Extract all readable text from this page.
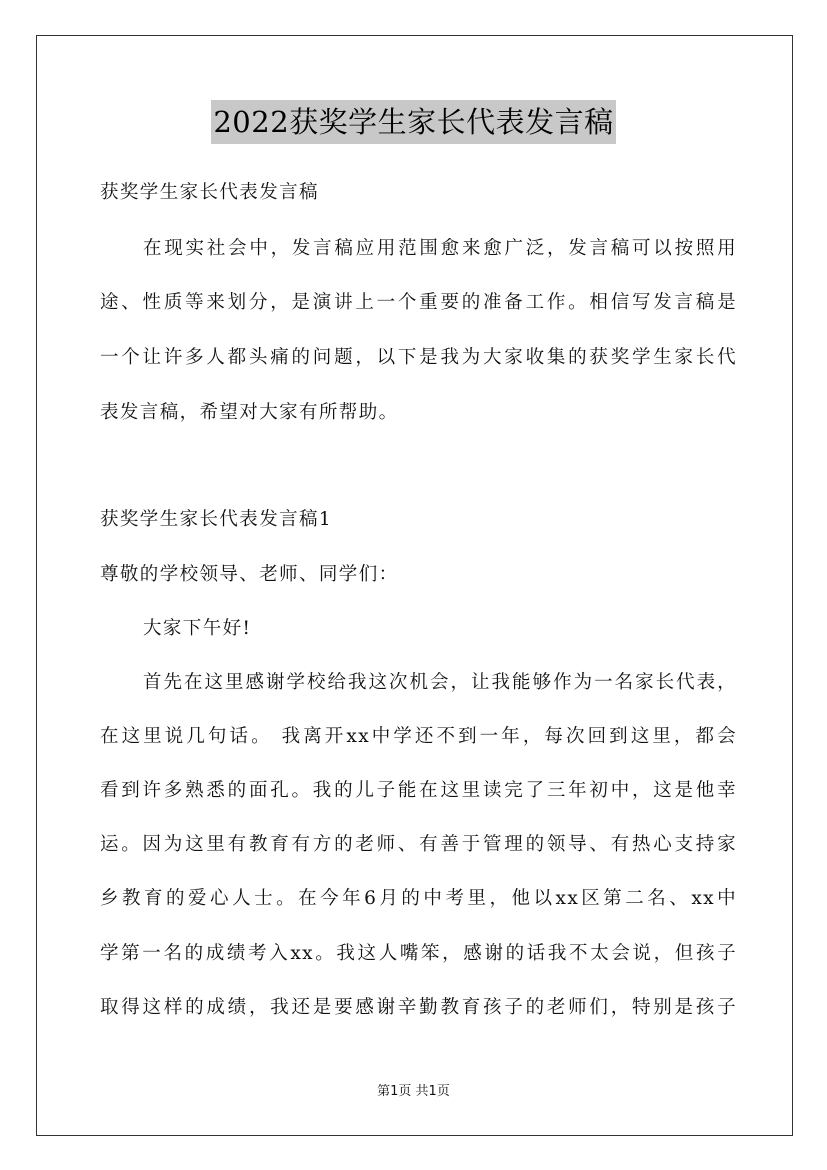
2022获奖学生家长代表发言稿
获奖学生家长代表发言稿
在现实社会中，发言稿应用范围愈来愈广泛，发言稿可以按照用
途、性质等来划分，是演讲上一个重要的准备工作。相信写发言稿是
一个让许多人都头痛的问题，以下是我为大家收集的获奖学生家长代
表发言稿，希望对大家有所帮助。
获奖学生家长代表发言稿1
尊敬的学校领导、老师、同学们：
大家下午好!
首先在这里感谢学校给我这次机会，让我能够作为一名家长代表，
在这里说几句话。 我离开xx中学还不到一年，每次回到这里，都会
看到许多熟悉的面孔。我的儿子能在这里读完了三年初中，这是他幸
运。因为这里有教育有方的老师、有善于管理的领导、有热心支持家
乡教育的爱心人士。在今年6月的中考里，他以xx区第二名、xx中
学第一名的成绩考入xx。我这人嘴笨，感谢的话我不太会说，但孩子
取得这样的成绩，我还是要感谢辛勤教育孩子的老师们，特别是孩子
第1页 共1页
